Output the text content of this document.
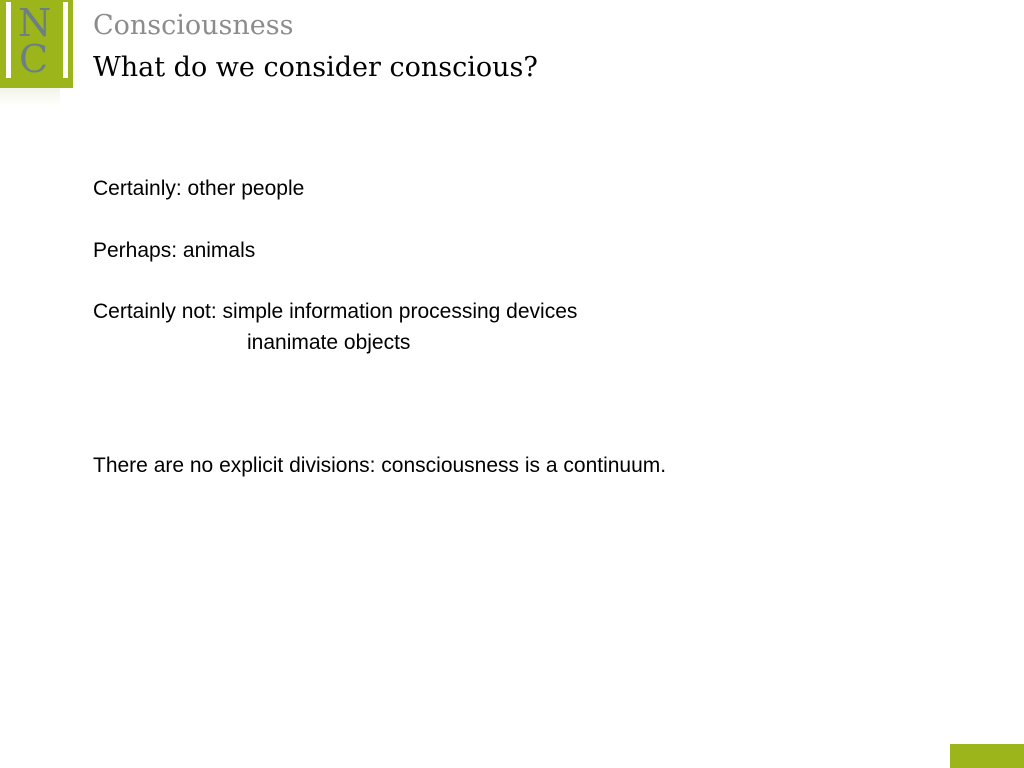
N
C
Consciousness
What do we consider conscious?
Certainly: other people
Perhaps: animals
Certainly not: simple information processing devices
inanimate objects
There are no explicit divisions: consciousness is a continuum.
